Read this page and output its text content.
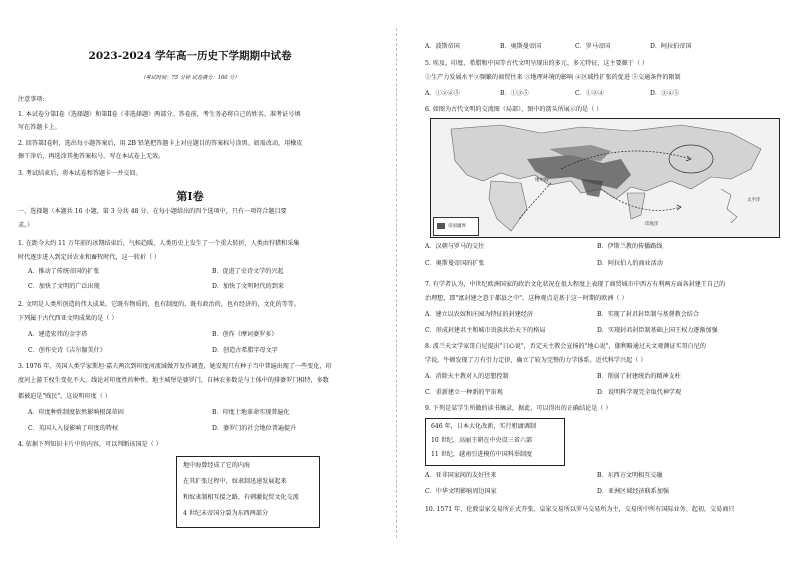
2023-2024 学年高一历史下学期期中试卷
（考试时间：75 分钟 试卷满分：100 分）
注意事项:
1. 本试卷分第Ⅰ卷（选择题）和第Ⅱ卷（非选择题）两部分。答卷前，考生务必将自己的姓名、准考证号填
写在答题卡上。
2. 回答第Ⅰ卷时，选出每小题答案后，用 2B 铅笔把答题卡上对应题目的答案标号涂黑。如需改动，用橡皮
擦干净后，再选涂其他答案标号。写在本试卷上无效。
3. 考试结束后，将本试卷和答题卡一并交回。
第Ⅰ卷
一、选择题（本题共 16 小题，第 3 分共 48 分。在每小题给出的四个选项中，只有一项符合题目要
求。）
1. 在距今大约 11 万年前的冰期结束后，气候趋暖，人类历史上发生了一个重大转折，人类由狩猎和采集
时代逐步进入到定居农业和畜牧时代，这一转折（ ）
A．推动了传统帝国的扩张	B．促进了史诗文学的兴起
C．加快了文明的广泛出现	D．加快了文明时代的到来
2. 文明是人类所创造的伟大成果，它既有物质的，也有制度的，既有政治的，也有经济的，文化的等等。
下列属于古代西亚文明成果的是（ ）
A．建造宏伟的金字塔	B．创作《摩诃婆罗多》
C．创作史诗《吉尔伽美什》	D．创造古希腊字母文字
3. 1976 年，英国人类学家斯坦·嘉夫两次到印度河流域做开发作调查，她发现只有种子当中普遍出现了一些变化，印
度河上游王权生变化不大，线论对印度性的种性，地主城堡是婆罗门，自林农多数是与土体中的排婆罗门相特，多数
都被迫是"贱民"。这说明印度（ ）
A．印度种姓制度依然影响根深蒂固	B．印度土地革命实现普遍化
C．英国人入侵影响了印度的特权	D．婆罗门的社会地位普遍提升
4. 依据下列知识卡片中的内容，可以判断该国是（ ）
地中海曾经成了它的内海
在其扩张过程中，奴隶制迅速发展起来
和奴隶制相互接之路，有刺激促贸文化交流
4 世纪末帝国分裂为东西两部分
A．波斯帝国	B．奥斯曼帝国	C．罗马帝国	D．阿拉伯帝国
5. 埃及、印度、希腊和中国等古代文明呈现出的多元、多元特征，这主要源于（ ）
①生产力发展水平②频繁的商贸往来 ③地理环境的影响 ④区域性扩张的促进 ⑤交通条件的限制
A．①②④⑤	B．①③⑤	C．①②④	D．③④⑤
6. 如图为古代文明的交流图（局部），图中的箭头所展示的是（ ）
地中海
印度洋
太平洋
帝国疆界
A．汉朝与罗马的交往	B．伊斯兰教的传播路线
C．奥斯曼帝国的扩张	D．阿拉伯人的商业活动
7. 有学者认为，中世纪欧洲国家的政治文化状况在很大程度上表现了商贸城市中西方有利两方面各封建王自己的
治理想，即"富封建之意于都县之中"。这种观点是基于这一时期的欧洲（ ）
A．建立以农奴和庄园为特征的封建经济	B．实现了封君封臣制与基督教会结合
C．形成封建君主和城市贵族共治天下的格局	D．实现封君封臣制基础上国王权力逐渐加强
8. 波兰天文学家哥白尼提出"日心说"，否定天主教会宣扬的"地心说"，伽利略通过天文观测证实哥白尼的
学说，牛顿发现了万有引力定律，确立了较为完整的力学体系。近代科学兴起（ ）
A．消除天主教对人的思想控制	B．削弱了封建统治的精神支柱
C．重新建立一种新的宇宙观	D．说明科学观完全取代神学观
9. 下列是某学生所做的读书摘录，据此，可以得出的正确结论是（ ）
646 年，日本大化改新，实行租庸调制
10 世纪，高丽王朝在中央设三省六部
11 世纪，越南引进模仿中国科举制度
A．亚非国家间的友好往来	B．东西方文明相互交融
C．中华文明影响周边国家	D．亚洲区域经济联系加强
10. 1571 年，伦敦皇家交易所正式开张。皇家交易所以罗马交易所为主，交易所中所有国际业务、起初，交易商只
